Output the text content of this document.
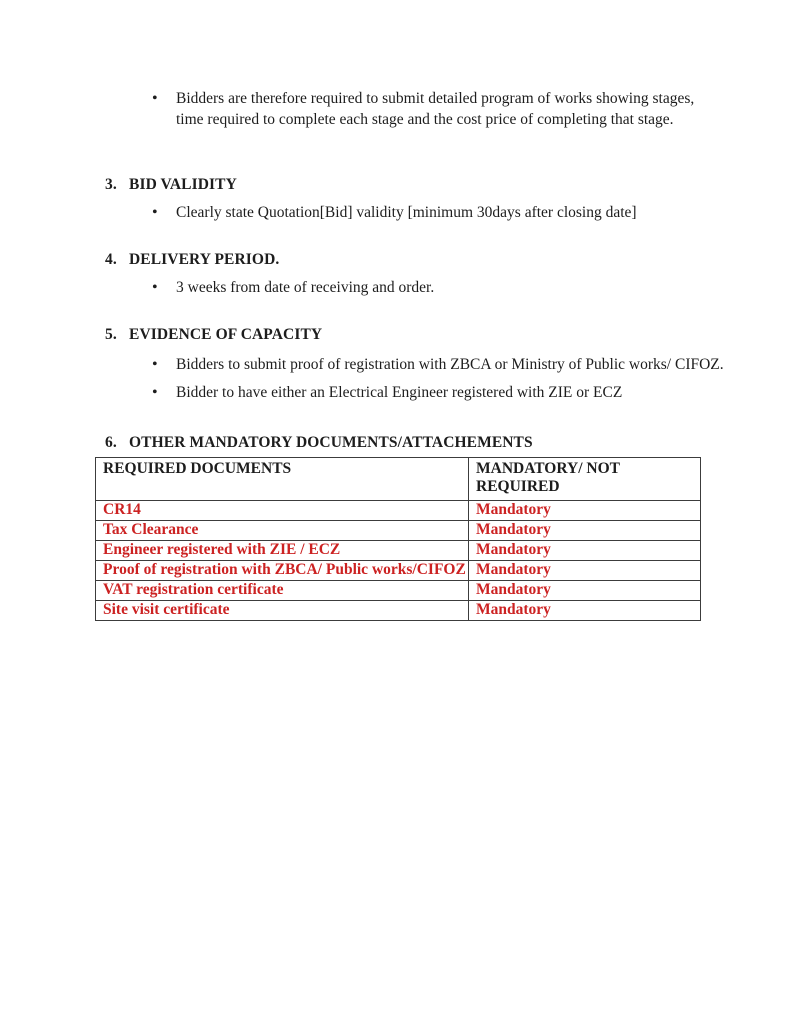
• Bidders are therefore required to submit detailed program of works showing stages, time required to complete each stage and the cost price of completing that stage.
3. BID VALIDITY
• Clearly state Quotation[Bid] validity [minimum 30days after closing date]
4. DELIVERY PERIOD.
• 3 weeks from date of receiving and order.
5. EVIDENCE OF CAPACITY
• Bidders to submit proof of registration with ZBCA or Ministry of Public works/ CIFOZ.
• Bidder to have either an Electrical Engineer registered with ZIE or ECZ
6. OTHER MANDATORY DOCUMENTS/ATTACHEMENTS
REQUIRED DOCUMENTS	MANDATORY/ NOT REQUIRED
CR14	Mandatory
Tax Clearance	Mandatory
Engineer registered with ZIE / ECZ	Mandatory
Proof of registration with ZBCA/ Public works/CIFOZ	Mandatory
VAT registration certificate	Mandatory
Site visit certificate	Mandatory
